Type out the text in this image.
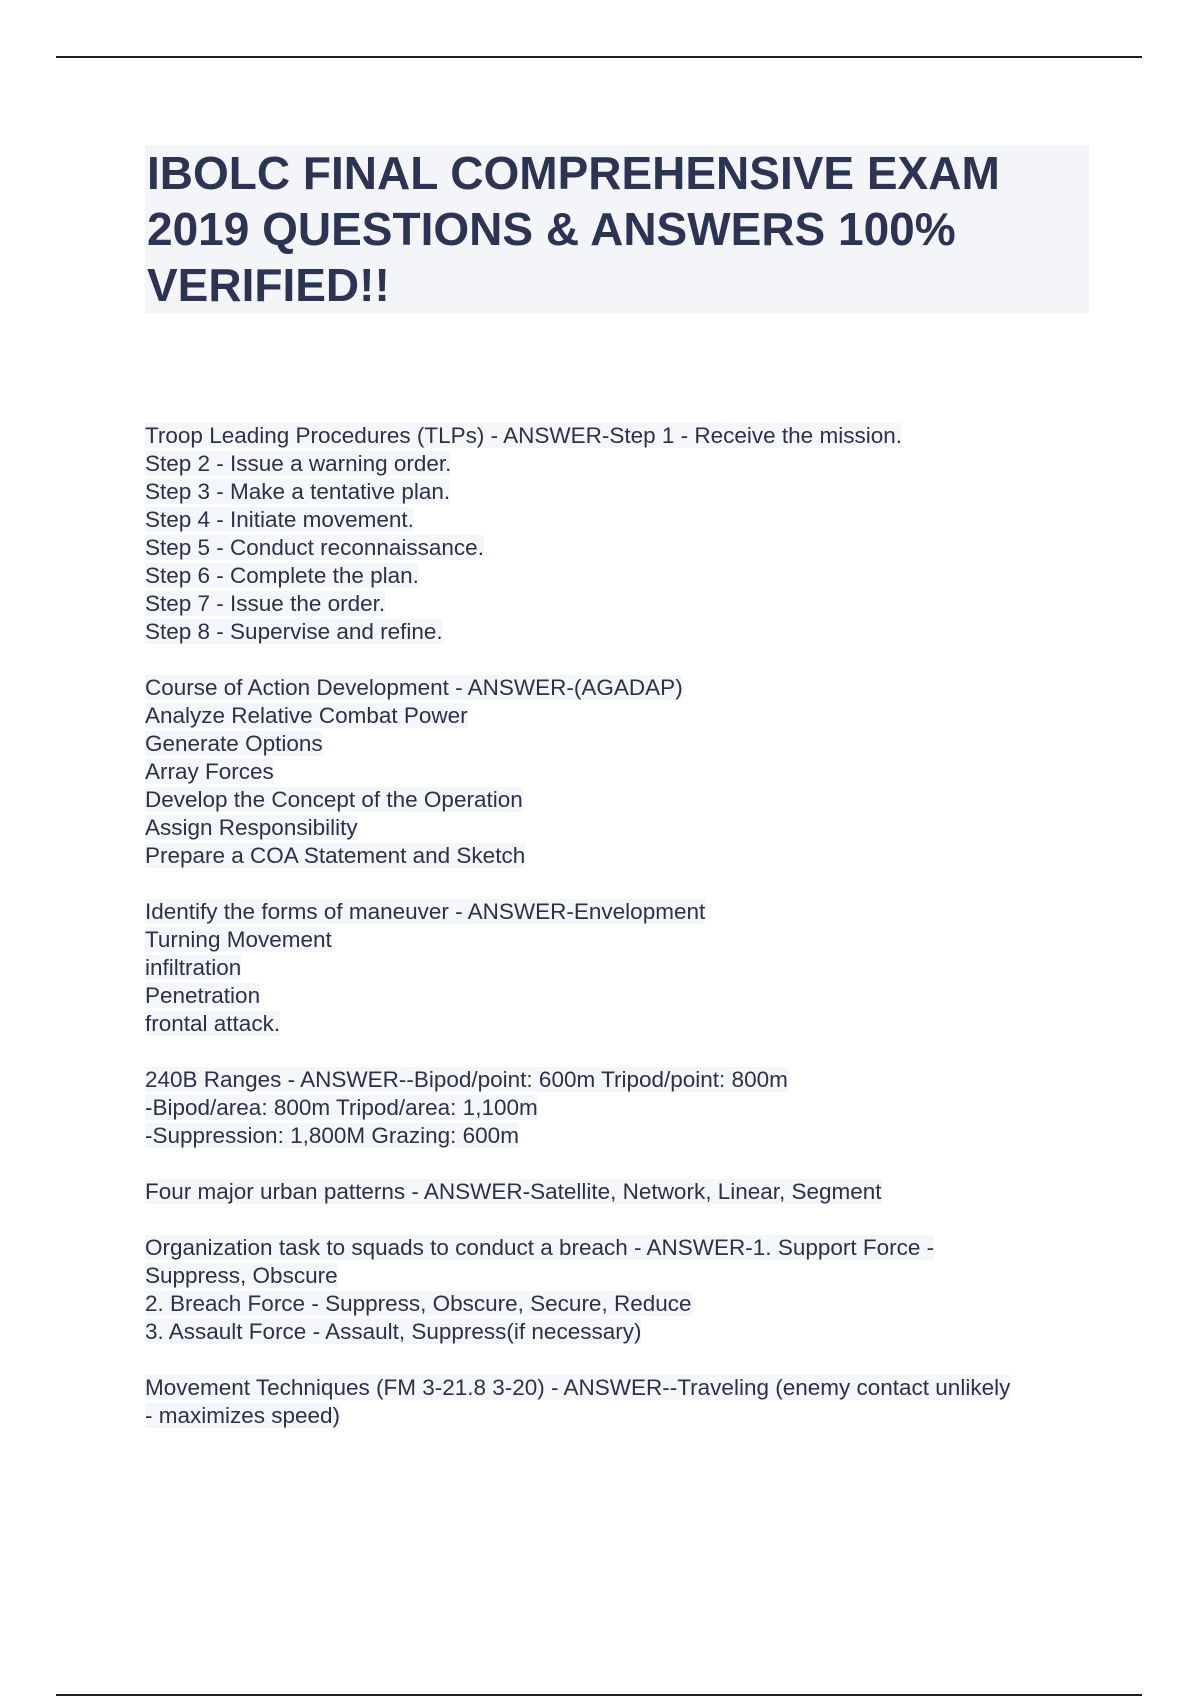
IBOLC FINAL COMPREHENSIVE EXAM
2019 QUESTIONS & ANSWERS 100%
VERIFIED!!
Troop Leading Procedures (TLPs) - ANSWER-Step 1 - Receive the mission.
Step 2 - Issue a warning order.
Step 3 - Make a tentative plan.
Step 4 - Initiate movement.
Step 5 - Conduct reconnaissance.
Step 6 - Complete the plan.
Step 7 - Issue the order.
Step 8 - Supervise and refine.
Course of Action Development - ANSWER-(AGADAP)
Analyze Relative Combat Power
Generate Options
Array Forces
Develop the Concept of the Operation
Assign Responsibility
Prepare a COA Statement and Sketch
Identify the forms of maneuver - ANSWER-Envelopment
Turning Movement
infiltration
Penetration
frontal attack.
240B Ranges - ANSWER--Bipod/point: 600m Tripod/point: 800m
-Bipod/area: 800m Tripod/area: 1,100m
-Suppression: 1,800M Grazing: 600m
Four major urban patterns - ANSWER-Satellite, Network, Linear, Segment
Organization task to squads to conduct a breach - ANSWER-1. Support Force -
Suppress, Obscure
2. Breach Force - Suppress, Obscure, Secure, Reduce
3. Assault Force - Assault, Suppress(if necessary)
Movement Techniques (FM 3-21.8 3-20) - ANSWER--Traveling (enemy contact unlikely
- maximizes speed)
